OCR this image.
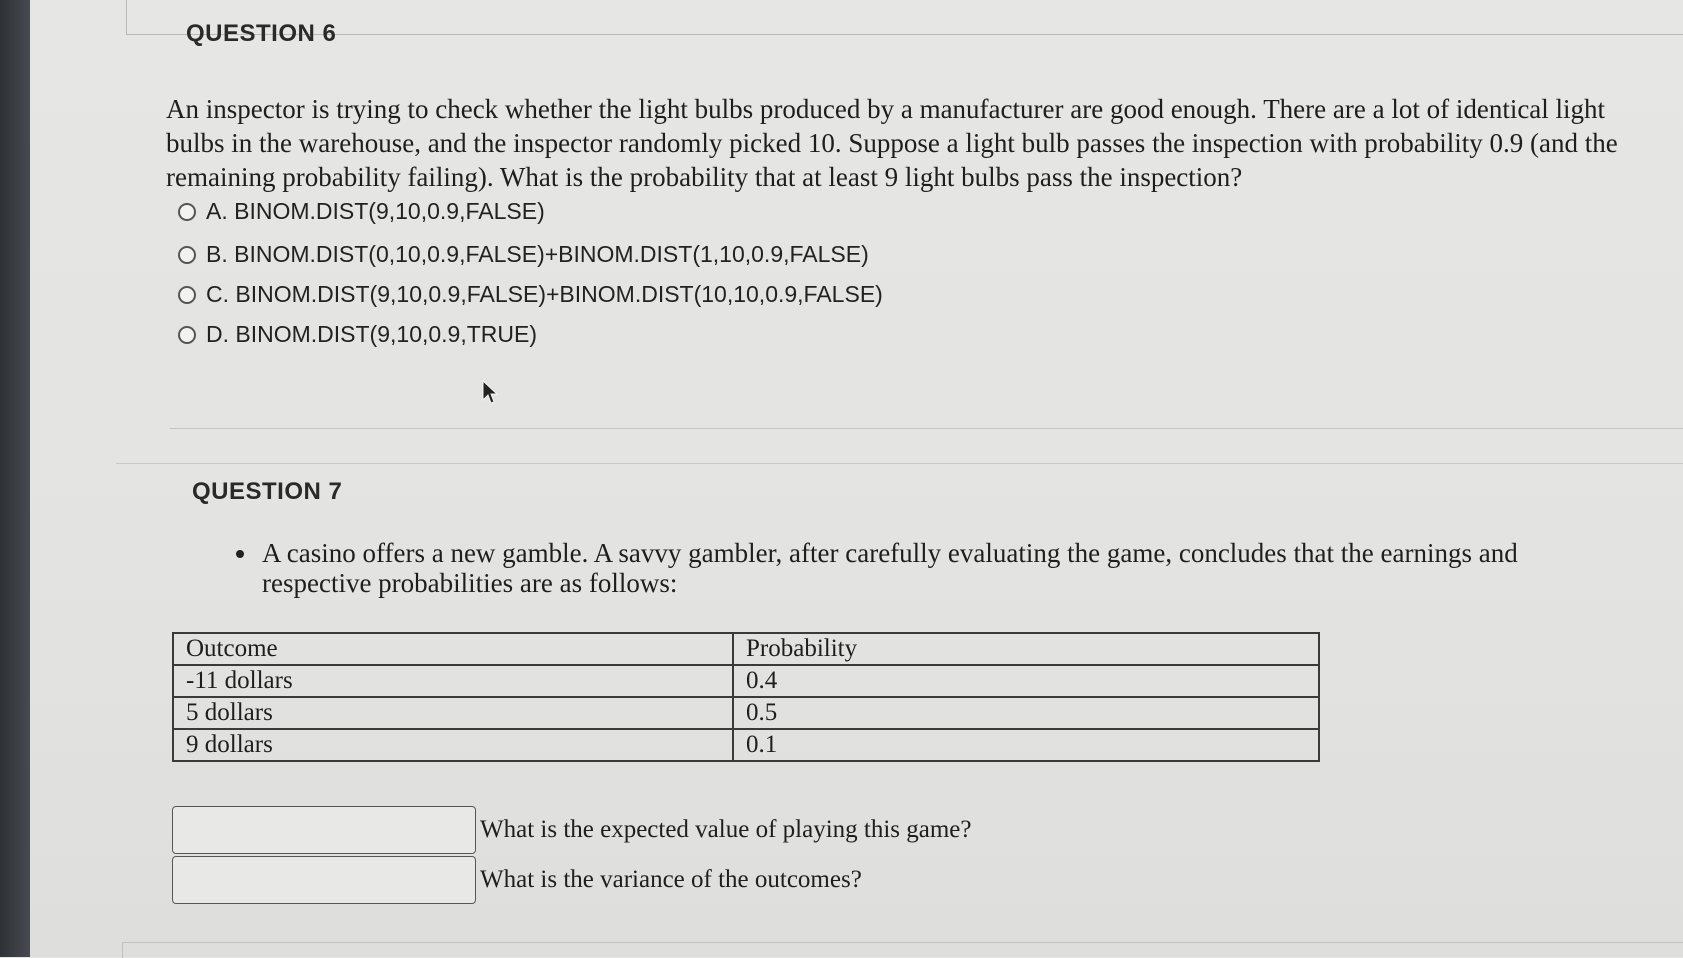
QUESTION 6
An inspector is trying to check whether the light bulbs produced by a manufacturer are good enough. There are a lot of identical light bulbs in the warehouse, and the inspector randomly picked 10. Suppose a light bulb passes the inspection with probability 0.9 (and the remaining probability failing). What is the probability that at least 9 light bulbs pass the inspection?
A. BINOM.DIST(9,10,0.9,FALSE)
B. BINOM.DIST(0,10,0.9,FALSE)+BINOM.DIST(1,10,0.9,FALSE)
C. BINOM.DIST(9,10,0.9,FALSE)+BINOM.DIST(10,10,0.9,FALSE)
D. BINOM.DIST(9,10,0.9,TRUE)
QUESTION 7
A casino offers a new gamble. A savvy gambler, after carefully evaluating the game, concludes that the earnings and respective probabilities are as follows:
Outcome	Probability
-11 dollars	0.4
5 dollars	0.5
9 dollars	0.1
What is the expected value of playing this game?
What is the variance of the outcomes?
